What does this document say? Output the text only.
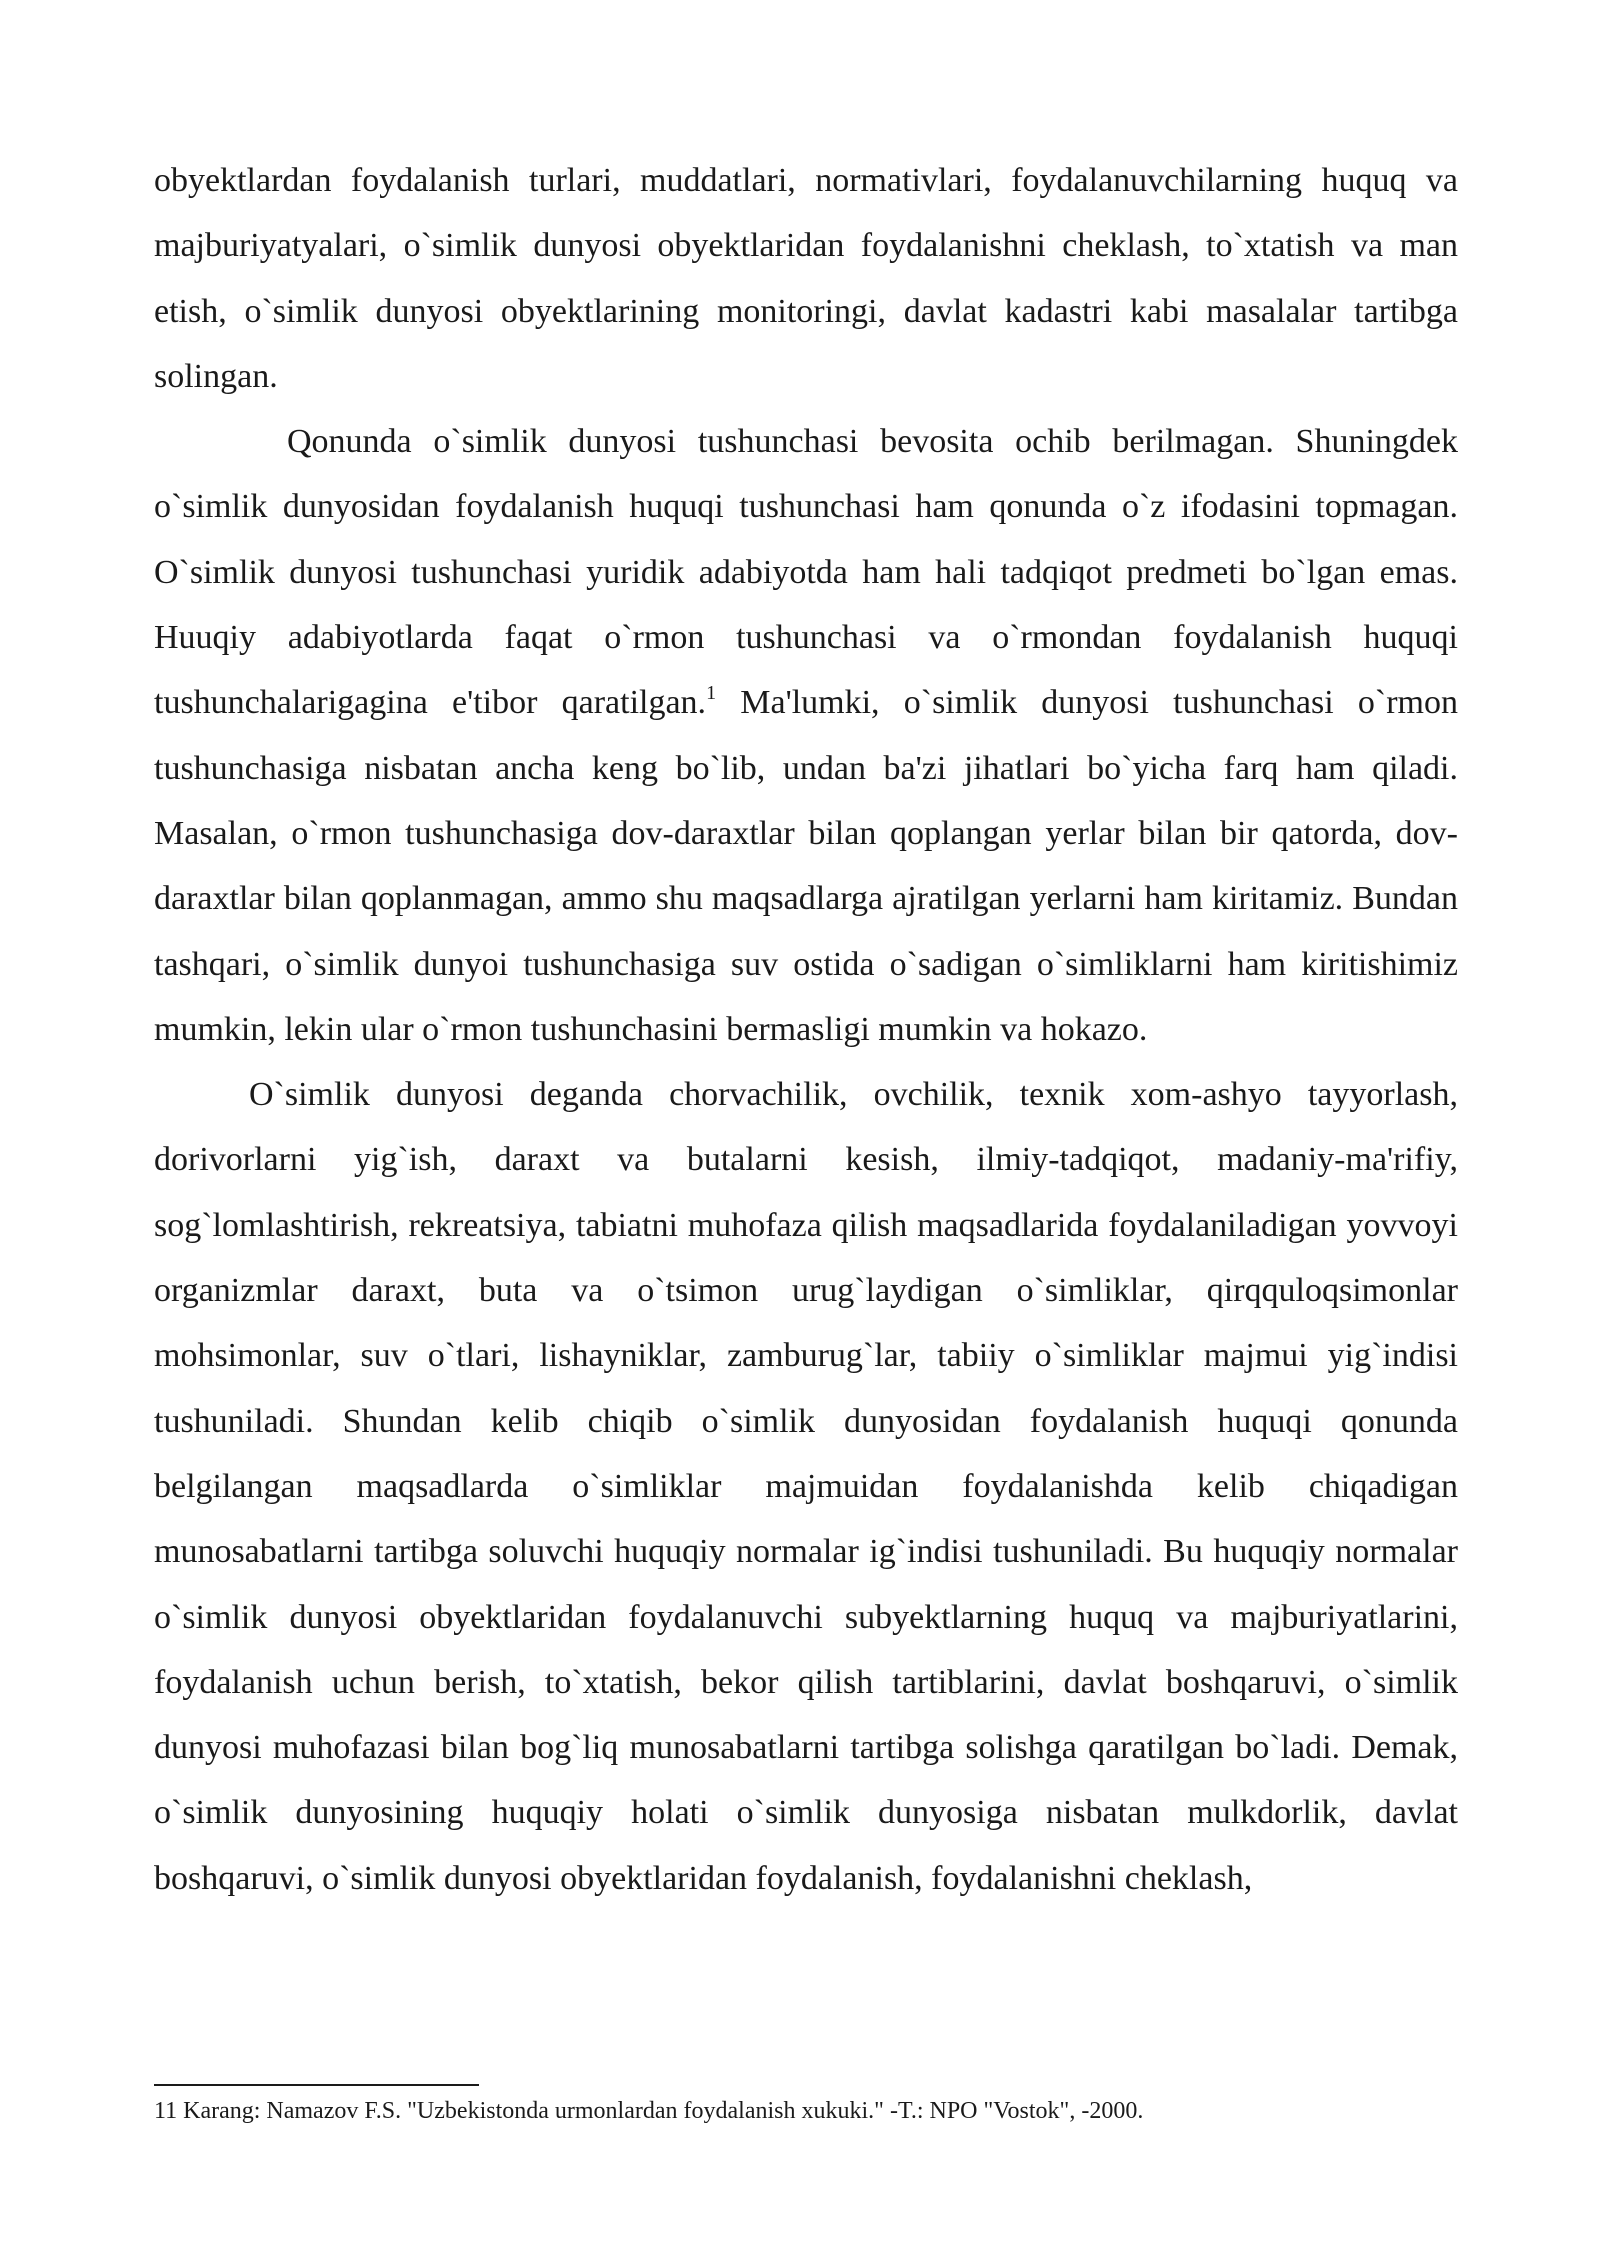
obyektlardan foydalanish turlari, muddatlari, normativlari, foydalanuvchilarning huquq va majburiyatyalari, o`simlik dunyosi obyektlaridan foydalanishni cheklash, to`xtatish va man etish, o`simlik dunyosi obyektlarining monitoringi, davlat kadastri kabi masalalar tartibga solingan.

Qonunda o`simlik dunyosi tushunchasi bevosita ochib berilmagan. Shuningdek o`simlik dunyosidan foydalanish huquqi tushunchasi ham qonunda o`z ifodasini topmagan. O`simlik dunyosi tushunchasi yuridik adabiyotda ham hali tadqiqot predmeti bo`lgan emas. Huuqiy adabiyotlarda faqat o`rmon tushunchasi va o`rmondan foydalanish huquqi tushunchalarigagina e'tibor qaratilgan.$^1$ Ma'lumki, o`simlik dunyosi tushunchasi o`rmon tushunchasiga nisbatan ancha keng bo`lib, undan ba'zi jihatlari bo`yicha farq ham qiladi. Masalan, o`rmon tushunchasiga dov-daraxtlar bilan qoplangan yerlar bilan bir qatorda, dov-daraxtlar bilan qoplanmagan, ammo shu maqsadlarga ajratilgan yerlarni ham kiritamiz. Bundan tashqari, o`simlik dunyoi tushunchasiga suv ostida o`sadigan o`simliklarni ham kiritishimiz mumkin, lekin ular o`rmon tushunchasini bermasligi mumkin va hokazo.

O`simlik dunyosi deganda chorvachilik, ovchilik, texnik xom-ashyo tayyorlash, dorivorlarni yig`ish, daraxt va butalarni kesish, ilmiy-tadqiqot, madaniy-ma'rifiy, sog`lomlashtirish, rekreatsiya, tabiatni muhofaza qilish maqsadlarida foydalaniladigan yovvoyi organizmlar daraxt, buta va o`tsimon urug`laydigan o`simliklar, qirqquloqsimonlar mohsimonlar, suv o`tlari, lishayniklar, zamburug`lar, tabiiy o`simliklar majmui yig`indisi tushuniladi. Shundan kelib chiqib o`simlik dunyosidan foydalanish huquqi qonunda belgilangan maqsadlarda o`simliklar majmuidan foydalanishda kelib chiqadigan munosabatlarni tartibga soluvchi huquqiy normalar ig`indisi tushuniladi. Bu huquqiy normalar o`simlik dunyosi obyektlaridan foydalanuvchi subyektlarning huquq va majburiyatlarini, foydalanish uchun berish, to`xtatish, bekor qilish tartiblarini, davlat boshqaruvi, o`simlik dunyosi muhofazasi bilan bog`liq munosabatlarni tartibga solishga qaratilgan bo`ladi. Demak, o`simlik dunyosining huquqiy holati o`simlik dunyosiga nisbatan mulkdorlik, davlat boshqaruvi, o`simlik dunyosi obyektlaridan foydalanish, foydalanishni cheklash,

11 Karang: Namazov F.S. "Uzbekistonda urmonlardan foydalanish xukuki." -T.: NPO "Vostok", -2000.
